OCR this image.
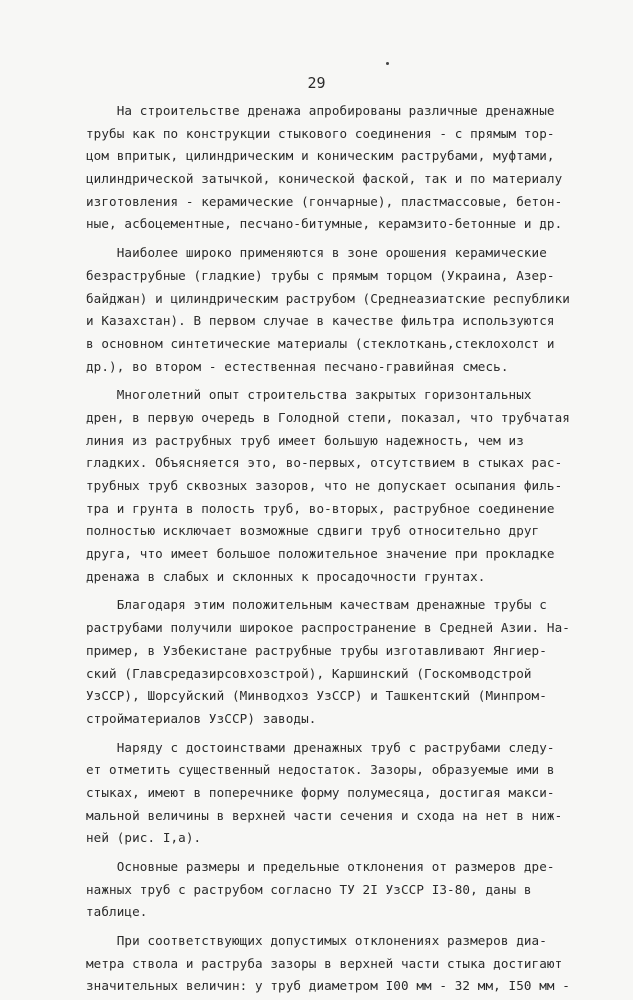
29
На строительстве дренажа апробированы различные дренажные
трубы как по конструкции стыкового соединения - с прямым тор-
цом впритык, цилиндрическим и коническим раструбами, муфтами,
цилиндрической затычкой, конической фаской, так и по материалу
изготовления - керамические (гончарные), пластмассовые, бетон-
ные, асбоцементные, песчано-битумные, керамзито-бетонные и др.
Наиболее широко применяются в зоне орошения керамические
безраструбные (гладкие) трубы с прямым торцом (Украина, Азер-
байджан) и цилиндрическим раструбом (Среднеазиатские республики
и Казахстан). В первом случае в качестве фильтра используются
в основном синтетические материалы (стеклоткань,стеклохолст и
др.), во втором - естественная песчано-гравийная смесь.
Многолетний опыт строительства закрытых горизонтальных
дрен, в первую очередь в Голодной степи, показал, что трубчатая
линия из раструбных труб имеет большую надежность, чем из
гладких. Объясняется это, во-первых, отсутствием в стыках рас-
трубных труб сквозных зазоров, что не допускает осыпания филь-
тра и грунта в полость труб, во-вторых, раструбное соединение
полностью исключает возможные сдвиги труб относительно друг
друга, что имеет большое положительное значение при прокладке
дренажа в слабых и склонных к просадочности грунтах.
Благодаря этим положительным качествам дренажные трубы с
раструбами получили широкое распространение в Средней Азии. На-
пример, в Узбекистане раструбные трубы изготавливают Янгиер-
ский (Главсредазирсовхозстрой), Каршинский (Госкомводстрой
УзССР), Шорсуйский (Минводхоз УзССР) и Ташкентский (Минпром-
стройматериалов УзССР) заводы.
Наряду с достоинствами дренажных труб с раструбами следу-
ет отметить существенный недостаток. Зазоры, образуемые ими в
стыках, имеют в поперечнике форму полумесяца, достигая макси-
мальной величины в верхней части сечения и схода на нет в ниж-
ней (рис. I,а).
Основные размеры и предельные отклонения от размеров дре-
нажных труб с раструбом согласно ТУ 2I УзССР I3-80, даны в
таблице.
При соответствующих допустимых отклонениях размеров диа-
метра ствола и раструба зазоры в верхней части стыка достигают
значительных величин: у труб диаметром I00 мм - 32 мм, I50 мм -
